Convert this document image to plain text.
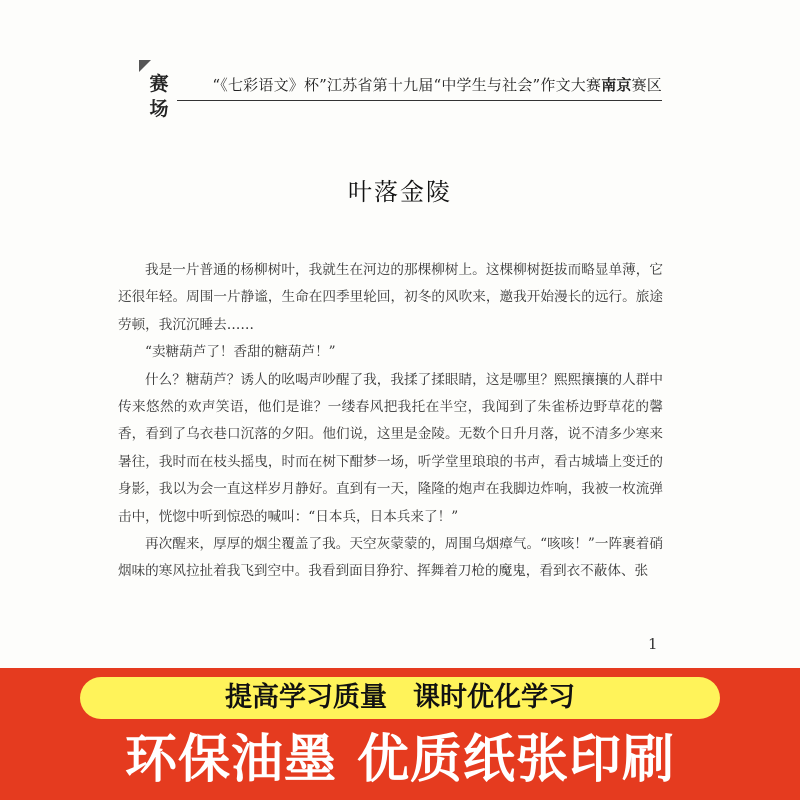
赛
场
“《七彩语文》杯”江苏省第十九届“中学生与社会”作文大赛南京赛区
叶落金陵

我是一片普通的杨柳树叶，我就生在河边的那棵柳树上。这棵柳树挺拔而略显单薄，它还很年轻。周围一片静谧，生命在四季里轮回，初冬的风吹来，邀我开始漫长的远行。旅途劳顿，我沉沉睡去……

“卖糖葫芦了！香甜的糖葫芦！”

什么？糖葫芦？诱人的吆喝声吵醒了我，我揉了揉眼睛，这是哪里？熙熙攘攘的人群中传来悠然的欢声笑语，他们是谁？一缕春风把我托在半空，我闻到了朱雀桥边野草花的馨香，看到了乌衣巷口沉落的夕阳。他们说，这里是金陵。无数个日升月落，说不清多少寒来暑往，我时而在枝头摇曳，时而在树下酣梦一场，听学堂里琅琅的书声，看古城墙上变迁的身影，我以为会一直这样岁月静好。直到有一天，隆隆的炮声在我脚边炸响，我被一枚流弹击中，恍惚中听到惊恐的喊叫：“日本兵，日本兵来了！”

再次醒来，厚厚的烟尘覆盖了我。天空灰蒙蒙的，周围乌烟瘴气。“咳咳！”一阵裹着硝烟味的寒风拉扯着我飞到空中。我看到面目狰狞、挥舞着刀枪的魔鬼，看到衣不蔽体、张

1
提高学习质量 课时优化学习
环保油墨 优质纸张印刷
